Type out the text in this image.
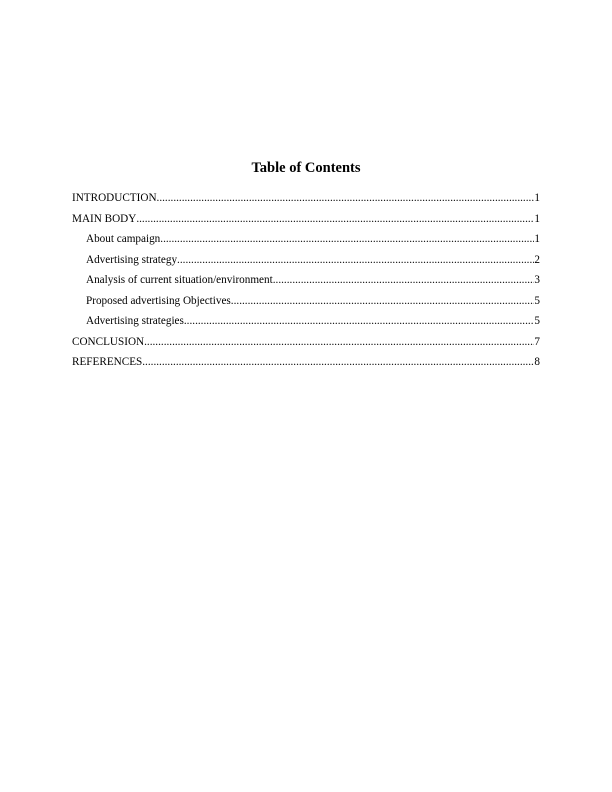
Table of Contents
INTRODUCTION .....	1
MAIN BODY .....	1
About campaign .....	1
Advertising strategy .....	2
Analysis of current situation/environment .....	3
Proposed advertising Objectives .....	5
Advertising strategies .....	5
CONCLUSION .....	7
REFERENCES .....	8
